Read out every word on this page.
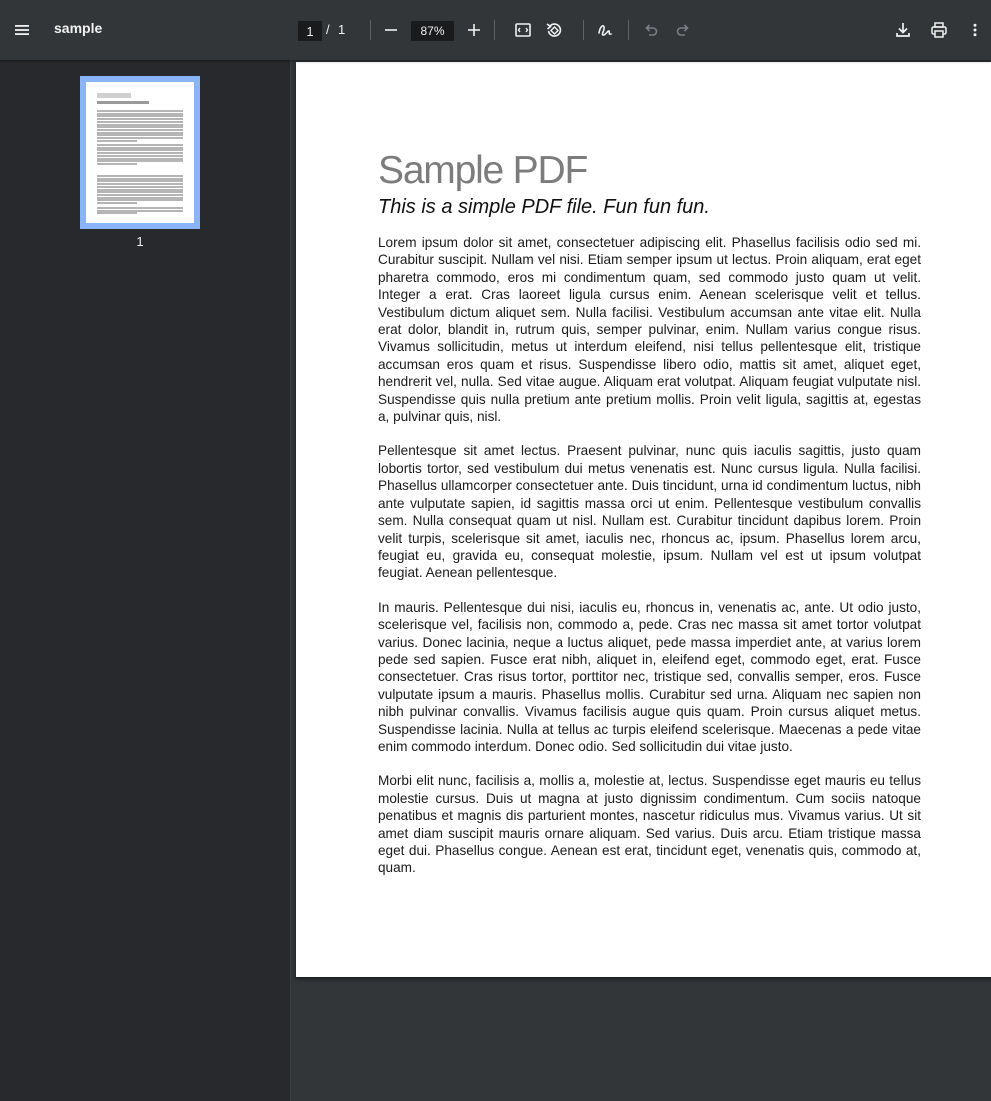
sample
1	/ 1
87%
1
Sample PDF

This is a simple PDF file. Fun fun fun.

Lorem ipsum dolor sit amet, consectetuer adipiscing elit. Phasellus facilisis odio sed mi. Curabitur suscipit. Nullam vel nisi. Etiam semper ipsum ut lectus. Proin aliquam, erat eget pharetra commodo, eros mi condimentum quam, sed commodo justo quam ut velit. Integer a erat. Cras laoreet ligula cursus enim. Aenean scelerisque velit et tellus. Vestibulum dictum aliquet sem. Nulla facilisi. Vestibulum accumsan ante vitae elit. Nulla erat dolor, blandit in, rutrum quis, semper pulvinar, enim. Nullam varius congue risus. Vivamus sollicitudin, metus ut interdum eleifend, nisi tellus pellentesque elit, tristique accumsan eros quam et risus. Suspendisse libero odio, mattis sit amet, aliquet eget, hendrerit vel, nulla. Sed vitae augue. Aliquam erat volutpat. Aliquam feugiat vulputate nisl. Suspendisse quis nulla pretium ante pretium mollis. Proin velit ligula, sagittis at, egestas a, pulvinar quis, nisl.

Pellentesque sit amet lectus. Praesent pulvinar, nunc quis iaculis sagittis, justo quam lobortis tortor, sed vestibulum dui metus venenatis est. Nunc cursus ligula. Nulla facilisi. Phasellus ullamcorper consectetuer ante. Duis tincidunt, urna id condimentum luctus, nibh ante vulputate sapien, id sagittis massa orci ut enim. Pellentesque vestibulum convallis sem. Nulla consequat quam ut nisl. Nullam est. Curabitur tincidunt dapibus lorem. Proin velit turpis, scelerisque sit amet, iaculis nec, rhoncus ac, ipsum. Phasellus lorem arcu, feugiat eu, gravida eu, consequat molestie, ipsum. Nullam vel est ut ipsum volutpat feugiat. Aenean pellentesque.

In mauris. Pellentesque dui nisi, iaculis eu, rhoncus in, venenatis ac, ante. Ut odio justo, scelerisque vel, facilisis non, commodo a, pede. Cras nec massa sit amet tortor volutpat varius. Donec lacinia, neque a luctus aliquet, pede massa imperdiet ante, at varius lorem pede sed sapien. Fusce erat nibh, aliquet in, eleifend eget, commodo eget, erat. Fusce consectetuer. Cras risus tortor, porttitor nec, tristique sed, convallis semper, eros. Fusce vulputate ipsum a mauris. Phasellus mollis. Curabitur sed urna. Aliquam nec sapien non nibh pulvinar convallis. Vivamus facilisis augue quis quam. Proin cursus aliquet metus. Suspendisse lacinia. Nulla at tellus ac turpis eleifend scelerisque. Maecenas a pede vitae enim commodo interdum. Donec odio. Sed sollicitudin dui vitae justo.

Morbi elit nunc, facilisis a, mollis a, molestie at, lectus. Suspendisse eget mauris eu tellus molestie cursus. Duis ut magna at justo dignissim condimentum. Cum sociis natoque penatibus et magnis dis parturient montes, nascetur ridiculus mus. Vivamus varius. Ut sit amet diam suscipit mauris ornare aliquam. Sed varius. Duis arcu. Etiam tristique massa eget dui. Phasellus congue. Aenean est erat, tincidunt eget, venenatis quis, commodo at, quam.
